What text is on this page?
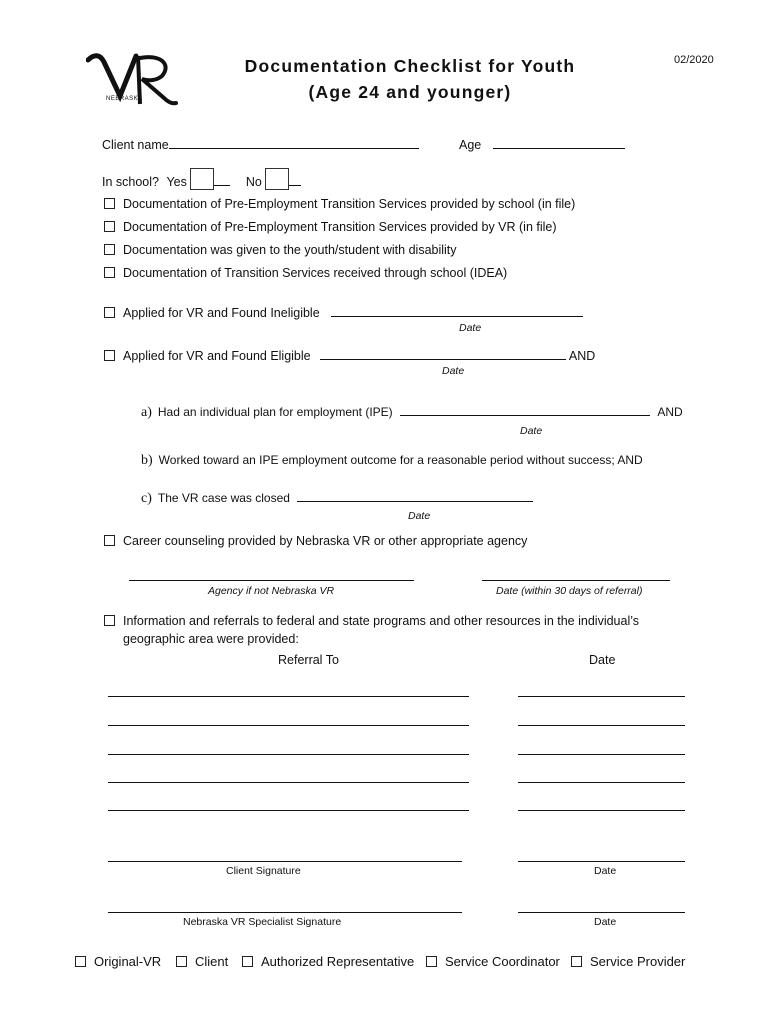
NEBRASKA
Documentation Checklist for Youth
(Age 24 and younger)
02/2020
Client name	Age
In school? Yes	No
Documentation of Pre-Employment Transition Services provided by school (in file)
Documentation of Pre-Employment Transition Services provided by VR (in file)
Documentation was given to the youth/student with disability
Documentation of Transition Services received through school (IDEA)
Applied for VR and Found Ineligible
Date
Applied for VR and Found Eligible	AND
Date
a) Had an individual plan for employment (IPE)	AND
Date
b) Worked toward an IPE employment outcome for a reasonable period without success; AND
c) The VR case was closed
Date
Career counseling provided by Nebraska VR or other appropriate agency
Agency if not Nebraska VR	Date (within 30 days of referral)
Information and referrals to federal and state programs and other resources in the individual’s
geographic area were provided:
Referral To	Date
Client Signature	Date
Nebraska VR Specialist Signature	Date
Original-VR	Client	Authorized Representative	Service Coordinator	Service Provider
